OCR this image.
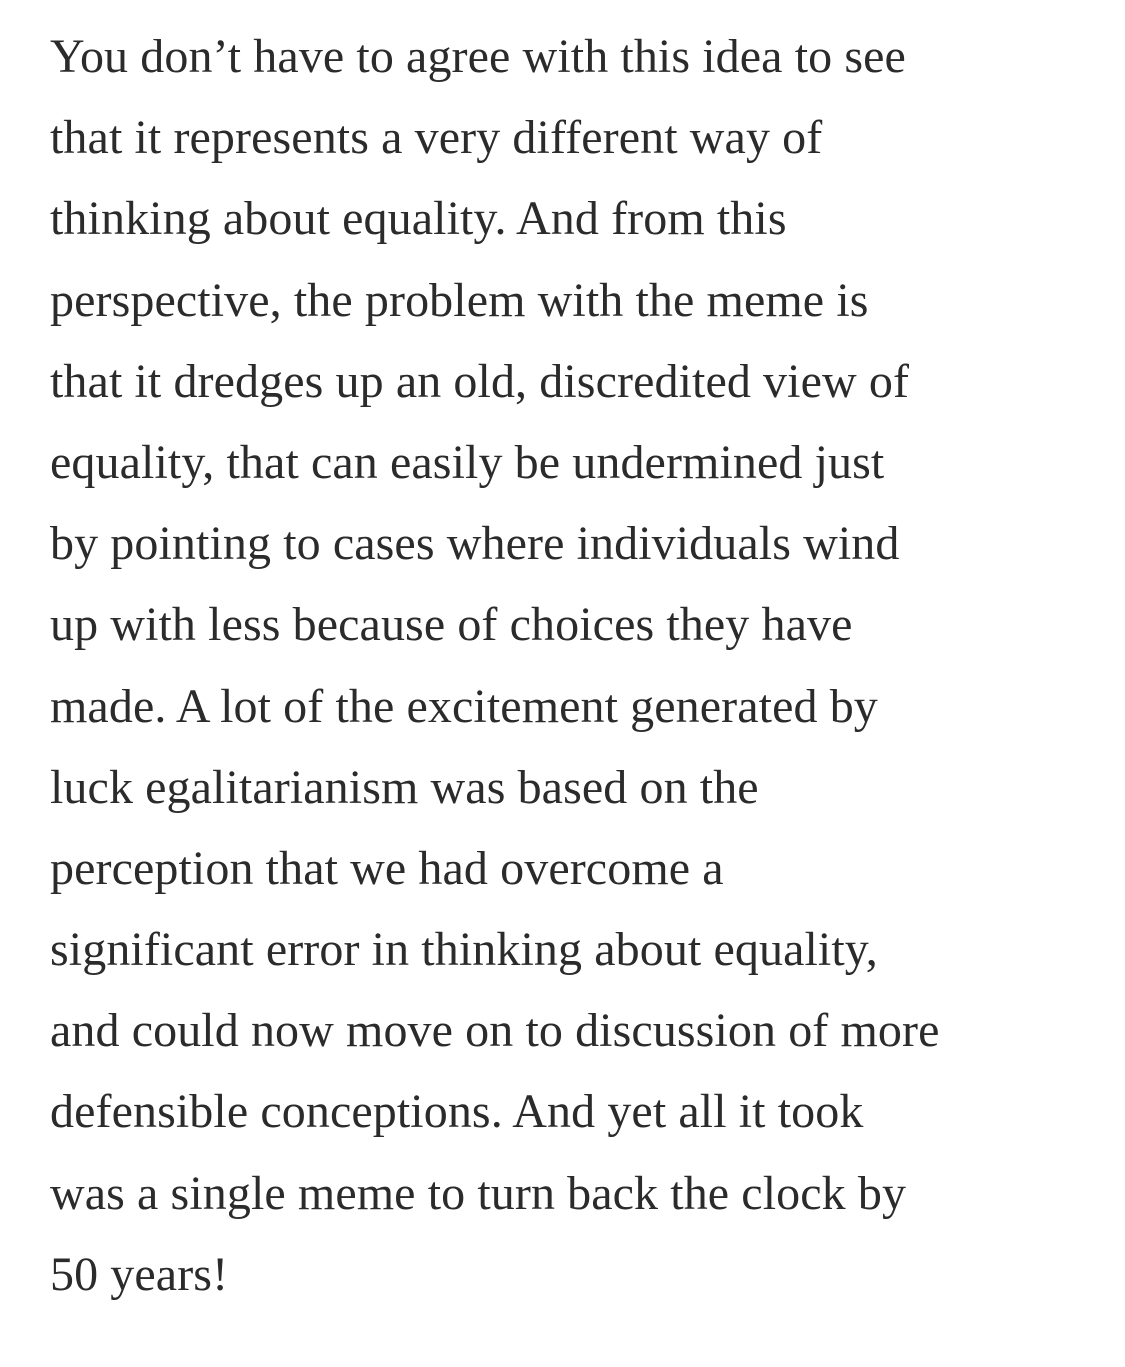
You don’t have to agree with this idea to see
that it represents a very different way of
thinking about equality. And from this
perspective, the problem with the meme is
that it dredges up an old, discredited view of
equality, that can easily be undermined just
by pointing to cases where individuals wind
up with less because of choices they have
made. A lot of the excitement generated by
luck egalitarianism was based on the
perception that we had overcome a
significant error in thinking about equality,
and could now move on to discussion of more
defensible conceptions. And yet all it took
was a single meme to turn back the clock by
50 years!
